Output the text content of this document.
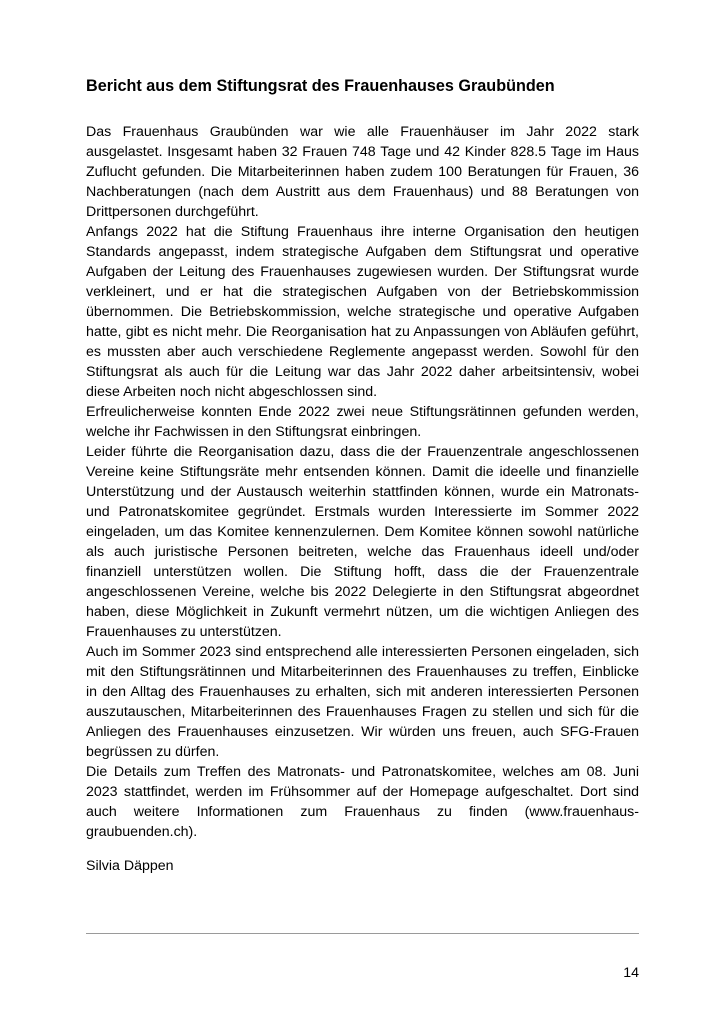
Bericht aus dem Stiftungsrat des Frauenhauses Graubünden

Das Frauenhaus Graubünden war wie alle Frauenhäuser im Jahr 2022 stark ausgelastet. Insgesamt haben 32 Frauen 748 Tage und 42 Kinder 828.5 Tage im Haus Zuflucht gefunden. Die Mitarbeiterinnen haben zudem 100 Beratungen für Frauen, 36 Nachberatungen (nach dem Austritt aus dem Frauenhaus) und 88 Beratungen von Drittpersonen durchgeführt.

Anfangs 2022 hat die Stiftung Frauenhaus ihre interne Organisation den heutigen Standards angepasst, indem strategische Aufgaben dem Stiftungsrat und operative Aufgaben der Leitung des Frauenhauses zugewiesen wurden. Der Stiftungsrat wurde verkleinert, und er hat die strategischen Aufgaben von der Betriebskommission übernommen. Die Betriebskommission, welche strategische und operative Aufgaben hatte, gibt es nicht mehr. Die Reorganisation hat zu Anpassungen von Abläufen geführt, es mussten aber auch verschiedene Reglemente angepasst werden. Sowohl für den Stiftungsrat als auch für die Leitung war das Jahr 2022 daher arbeitsintensiv, wobei diese Arbeiten noch nicht abgeschlossen sind.

Erfreulicherweise konnten Ende 2022 zwei neue Stiftungsrätinnen gefunden werden, welche ihr Fachwissen in den Stiftungsrat einbringen.

Leider führte die Reorganisation dazu, dass die der Frauenzentrale angeschlossenen Vereine keine Stiftungsräte mehr entsenden können. Damit die ideelle und finanzielle Unterstützung und der Austausch weiterhin stattfinden können, wurde ein Matronats- und Patronatskomitee gegründet. Erstmals wurden Interessierte im Sommer 2022 eingeladen, um das Komitee kennenzulernen. Dem Komitee können sowohl natürliche als auch juristische Personen beitreten, welche das Frauenhaus ideell und/oder finanziell unterstützen wollen. Die Stiftung hofft, dass die der Frauenzentrale angeschlossenen Vereine, welche bis 2022 Delegierte in den Stiftungsrat abgeordnet haben, diese Möglichkeit in Zukunft vermehrt nützen, um die wichtigen Anliegen des Frauenhauses zu unterstützen.

Auch im Sommer 2023 sind entsprechend alle interessierten Personen eingeladen, sich mit den Stiftungsrätinnen und Mitarbeiterinnen des Frauenhauses zu treffen, Einblicke in den Alltag des Frauenhauses zu erhalten, sich mit anderen interessierten Personen auszutauschen, Mitarbeiterinnen des Frauenhauses Fragen zu stellen und sich für die Anliegen des Frauenhauses einzusetzen. Wir würden uns freuen, auch SFG-Frauen begrüssen zu dürfen.

Die Details zum Treffen des Matronats- und Patronatskomitee, welches am 08. Juni 2023 stattfindet, werden im Frühsommer auf der Homepage aufgeschaltet. Dort sind auch weitere Informationen zum Frauenhaus zu finden (www.frauenhaus-graubuenden.ch).

Silvia Däppen

14
